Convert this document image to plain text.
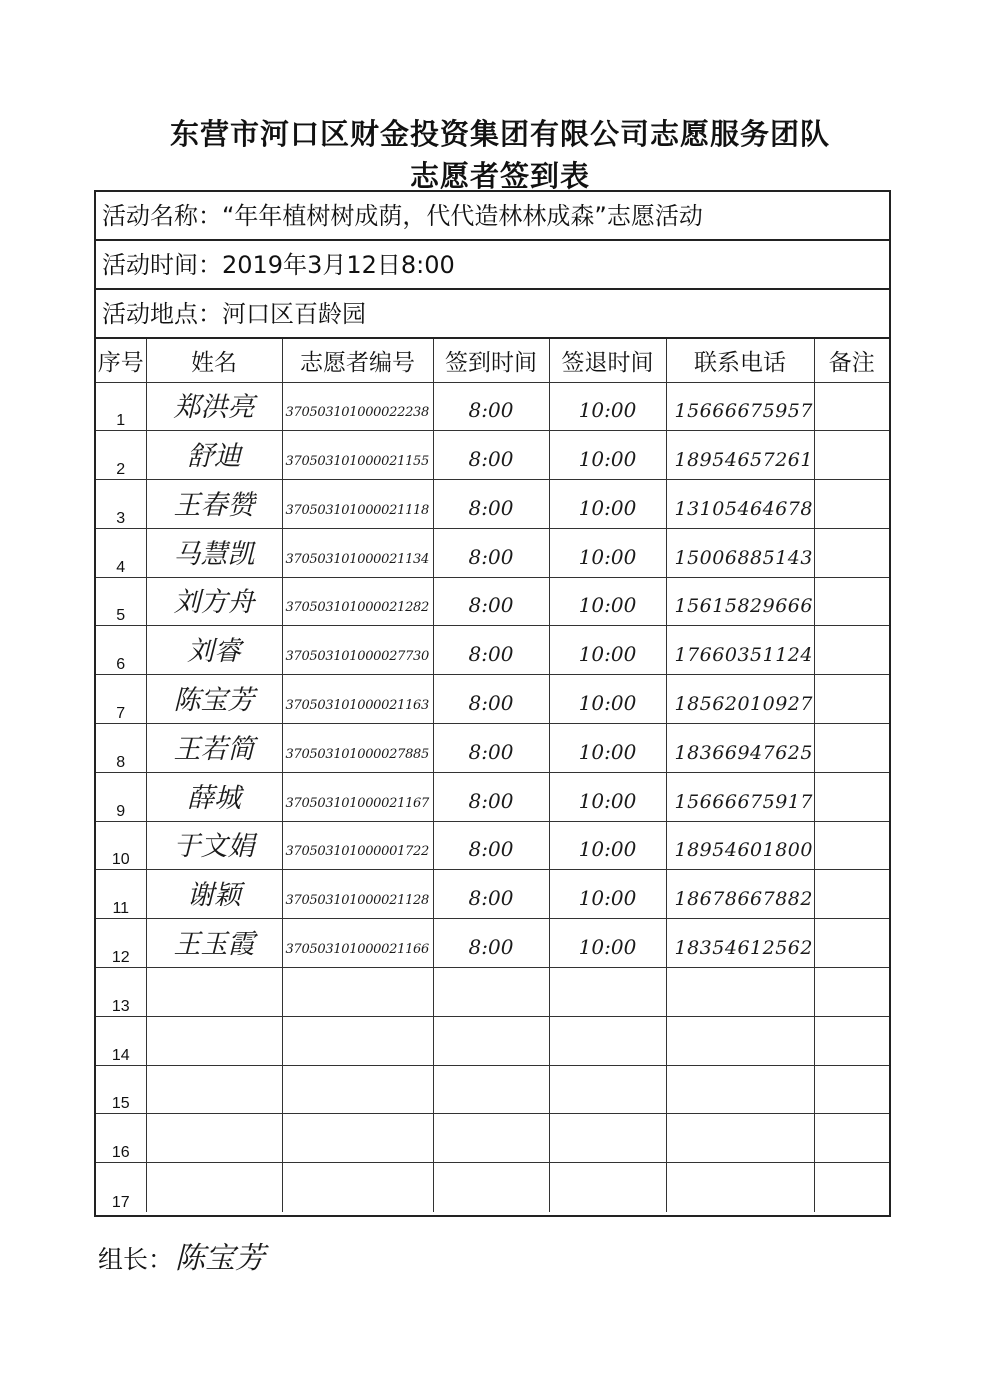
东营市河口区财金投资集团有限公司志愿服务团队
志愿者签到表
活动名称：“年年植树树成荫，代代造林林成森”志愿活动
活动时间：2019年3月12日8:00
活动地点：河口区百龄园
序号	姓名	志愿者编号	签到时间	签退时间	联系电话	备注
1	郑洪亮	370503101000022238	8:00	10:00	15666675957	

2	舒迪	370503101000021155	8:00	10:00	18954657261	

3	王春赞	370503101000021118	8:00	10:00	13105464678	

4	马慧凯	370503101000021134	8:00	10:00	15006885143	

5	刘方舟	370503101000021282	8:00	10:00	15615829666	

6	刘睿	370503101000027730	8:00	10:00	17660351124	

7	陈宝芳	370503101000021163	8:00	10:00	18562010927	

8	王若简	370503101000027885	8:00	10:00	18366947625	

9	薛城	370503101000021167	8:00	10:00	15666675917	

10	于文娟	370503101000001722	8:00	10:00	18954601800	

11	谢颖	370503101000021128	8:00	10:00	18678667882	

12	王玉霞	370503101000021166	8:00	10:00	18354612562	

13	

14	

15	

16	

17	

组长：陈宝芳
